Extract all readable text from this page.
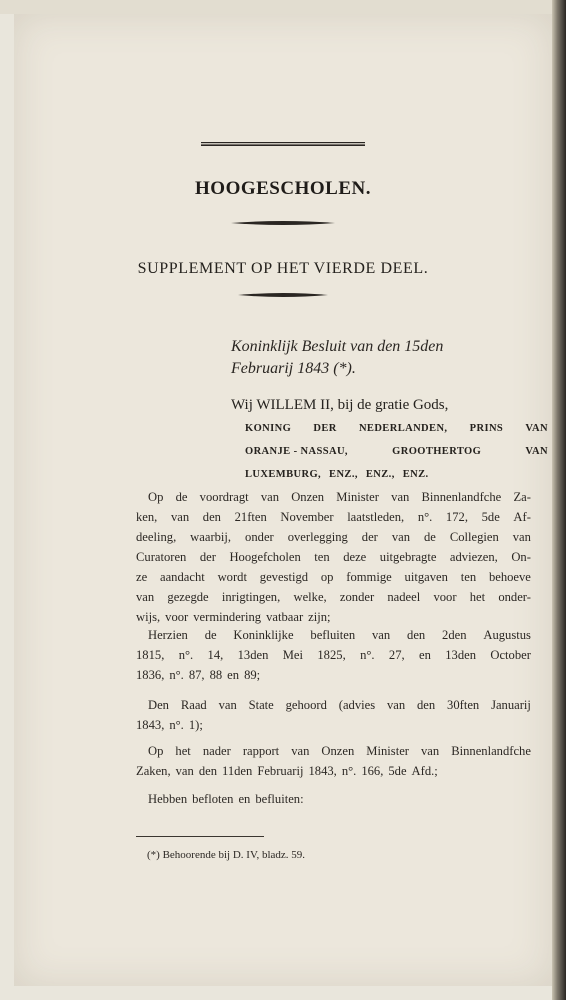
HOOGESCHOLEN.
SUPPLEMENT OP HET VIERDE DEEL.
Koninklijk Besluit van den 15den
Februarij 1843 (*).
Wij WILLEM II, bij de gratie Gods,
KONING DER NEDERLANDEN, PRINS VAN
ORANJE - NASSAU,	GROOTHERTOG	VAN
LUXEMBURG, ENZ., ENZ., ENZ.
Op de voordragt van Onzen Minister van Binnenlandfche Za-
ken, van den 21ften November laatstleden, n°. 172, 5de Af-
deeling, waarbij, onder overlegging der van de Collegien van
Curatoren der Hoogefcholen ten deze uitgebragte adviezen, On-
ze aandacht wordt gevestigd op fommige uitgaven ten behoeve
van gezegde inrigtingen, welke, zonder nadeel voor het onder-
wijs, voor vermindering vatbaar zijn;
Herzien de Koninklijke befluiten van den 2den Augustus
1815, n°. 14, 13den Mei 1825, n°. 27, en 13den October
1836, n°. 87, 88 en 89;
Den Raad van State gehoord (advies van den 30ften Januarij
1843, n°. 1);
Op het nader rapport van Onzen Minister van Binnenlandfche
Zaken, van den 11den Februarij 1843, n°. 166, 5de Afd.;
Hebben befloten en befluiten:
(*) Behoorende bij D. IV, bladz. 59.
